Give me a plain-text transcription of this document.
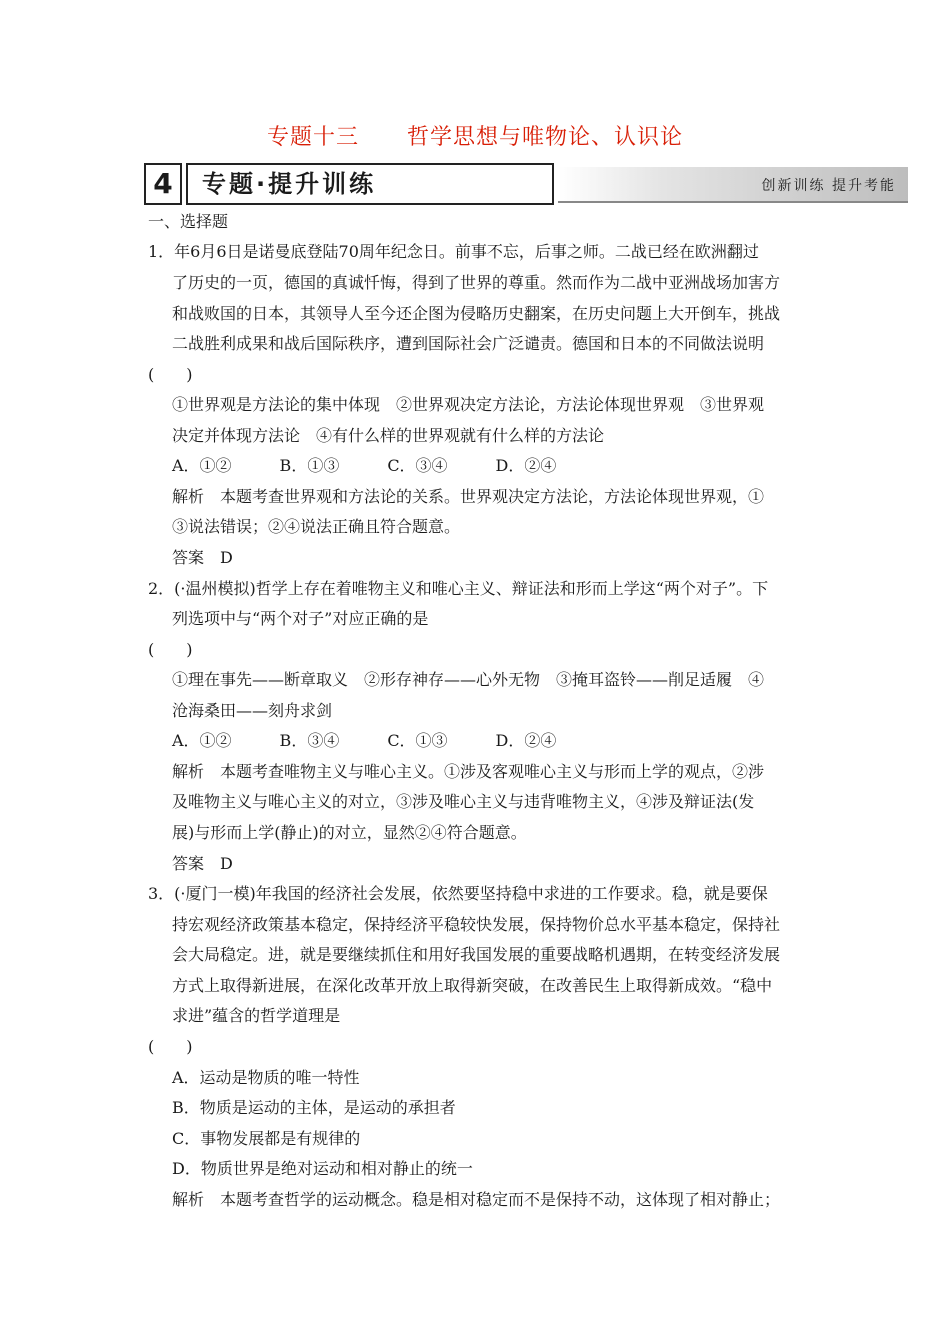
专题十三 哲学思想与唯物论、认识论
4	专题·提升训练	创新训练 提升考能
一、选择题
1．年6月6日是诺曼底登陆70周年纪念日。前事不忘，后事之师。二战已经在欧洲翻过
了历史的一页，德国的真诚忏悔，得到了世界的尊重。然而作为二战中亚洲战场加害方
和战败国的日本，其领导人至今还企图为侵略历史翻案，在历史问题上大开倒车，挑战
二战胜利成果和战后国际秩序，遭到国际社会广泛谴责。德国和日本的不同做法说明
(　　)
①世界观是方法论的集中体现　②世界观决定方法论，方法论体现世界观　③世界观
决定并体现方法论　④有什么样的世界观就有什么样的方法论
A．①②　　　B．①③　　　C．③④　　　D．②④
解析　本题考查世界观和方法论的关系。世界观决定方法论，方法论体现世界观，①
③说法错误；②④说法正确且符合题意。
答案　D
2．(·温州模拟)哲学上存在着唯物主义和唯心主义、辩证法和形而上学这“两个对子”。下
列选项中与“两个对子”对应正确的是
(　　)
①理在事先——断章取义　②形存神存——心外无物　③掩耳盗铃——削足适履　④
沧海桑田——刻舟求剑
A．①②　　　B．③④　　　C．①③　　　D．②④
解析　本题考查唯物主义与唯心主义。①涉及客观唯心主义与形而上学的观点，②涉
及唯物主义与唯心主义的对立，③涉及唯心主义与违背唯物主义，④涉及辩证法(发
展)与形而上学(静止)的对立，显然②④符合题意。
答案　D
3．(·厦门一模)年我国的经济社会发展，依然要坚持稳中求进的工作要求。稳，就是要保
持宏观经济政策基本稳定，保持经济平稳较快发展，保持物价总水平基本稳定，保持社
会大局稳定。进，就是要继续抓住和用好我国发展的重要战略机遇期，在转变经济发展
方式上取得新进展，在深化改革开放上取得新突破，在改善民生上取得新成效。“稳中
求进”蕴含的哲学道理是
(　　)
A．运动是物质的唯一特性
B．物质是运动的主体，是运动的承担者
C．事物发展都是有规律的
D．物质世界是绝对运动和相对静止的统一
解析　本题考查哲学的运动概念。稳是相对稳定而不是保持不动，这体现了相对静止；
